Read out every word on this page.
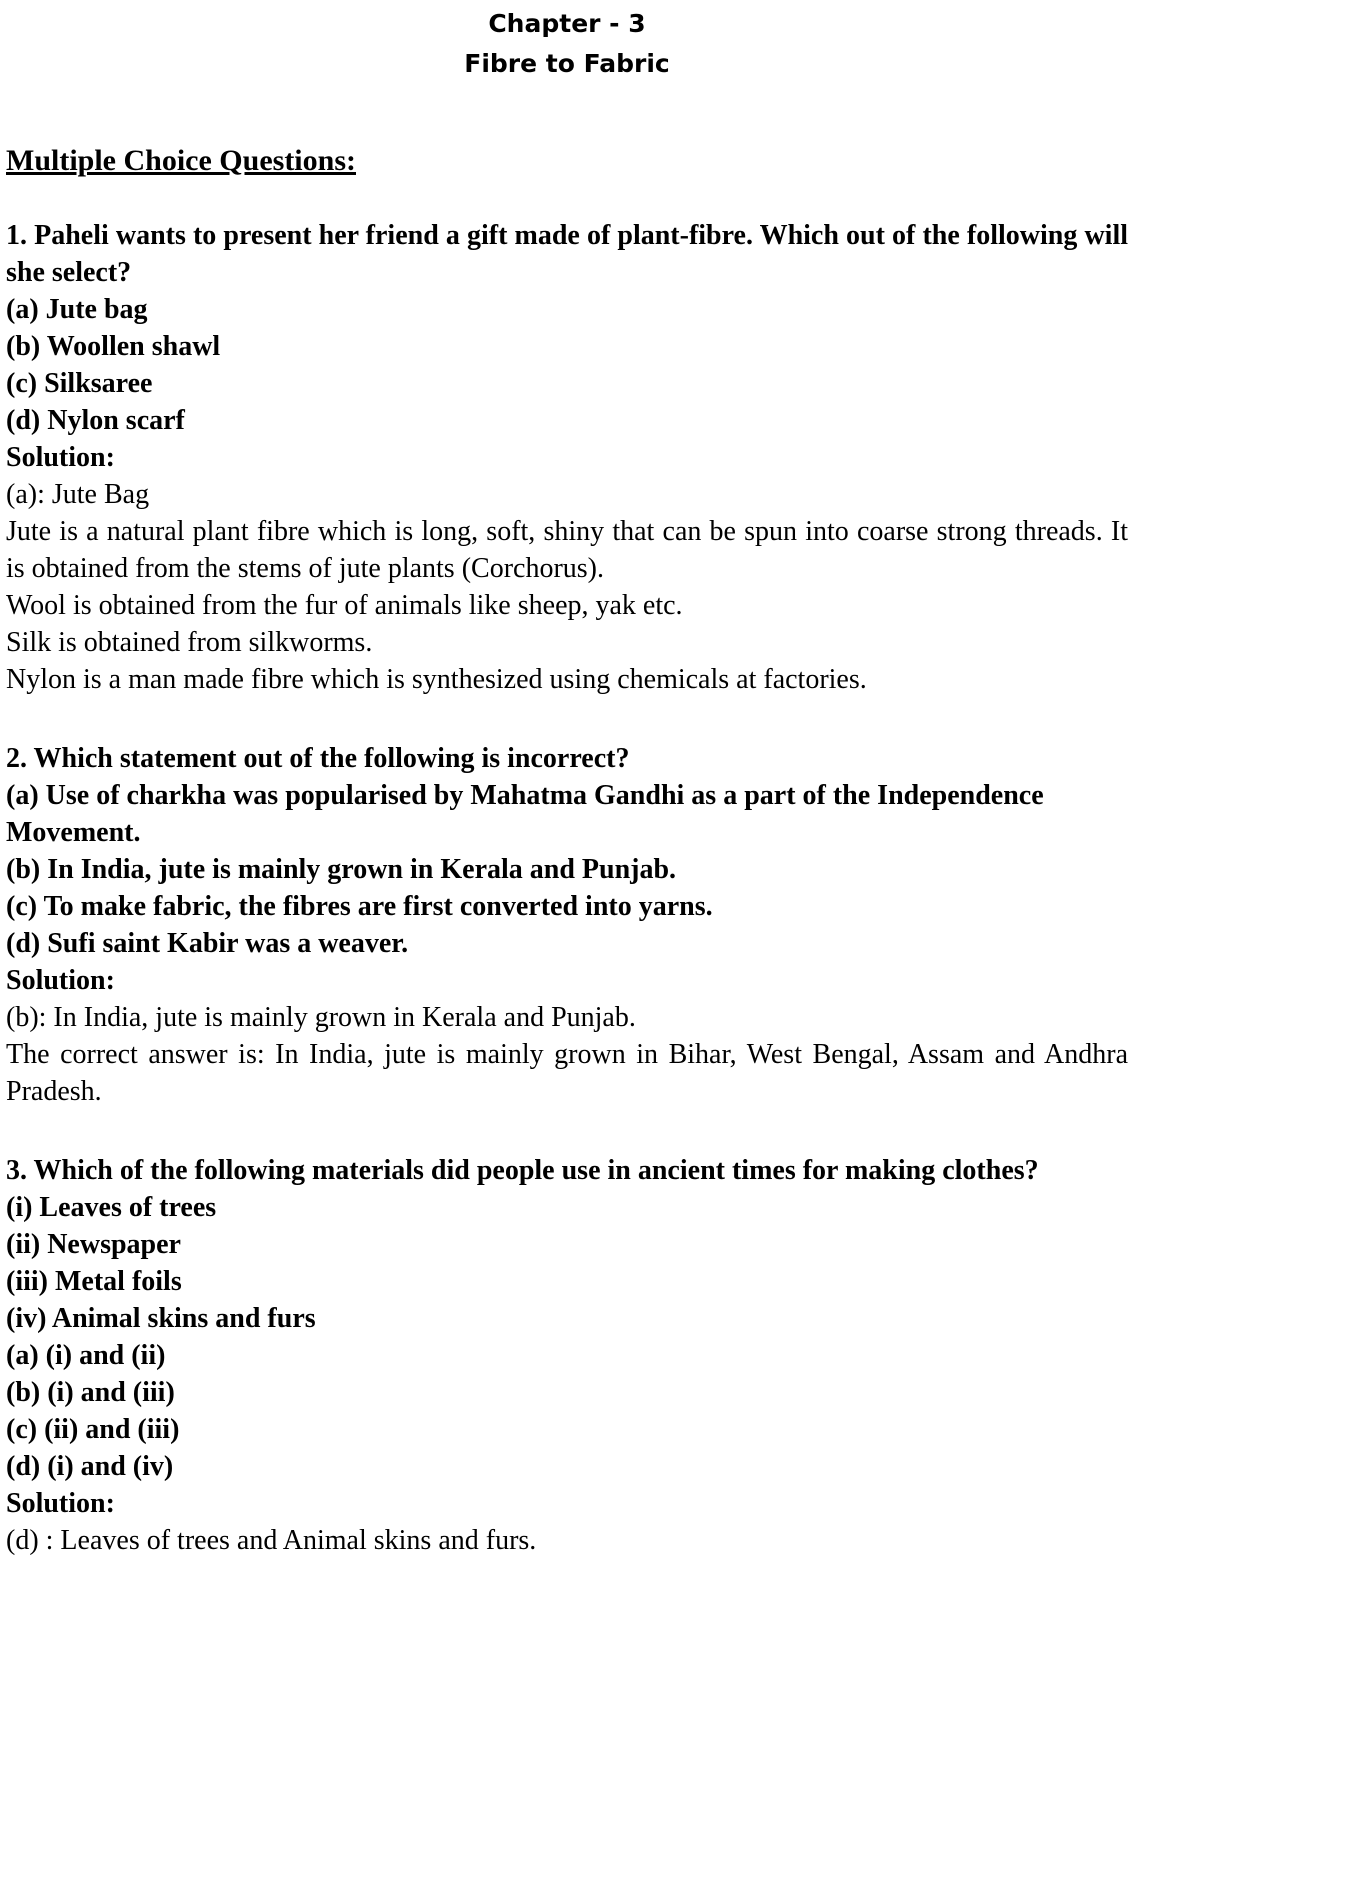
Chapter - 3
Fibre to Fabric
Multiple Choice Questions:
1. Paheli wants to present her friend a gift made of plant-fibre. Which out of the following will she select?
(a) Jute bag
(b) Woollen shawl
(c) Silksaree
(d) Nylon scarf
Solution:
(a): Jute Bag
Jute is a natural plant fibre which is long, soft, shiny that can be spun into coarse strong threads. It is obtained from the stems of jute plants (Corchorus).
Wool is obtained from the fur of animals like sheep, yak etc.
Silk is obtained from silkworms.
Nylon is a man made fibre which is synthesized using chemicals at factories.
2. Which statement out of the following is incorrect?
(a) Use of charkha was popularised by Mahatma Gandhi as a part of the Independence Movement.
(b) In India, jute is mainly grown in Kerala and Punjab.
(c) To make fabric, the fibres are first converted into yarns.
(d) Sufi saint Kabir was a weaver.
Solution:
(b): In India, jute is mainly grown in Kerala and Punjab.
The correct answer is: In India, jute is mainly grown in Bihar, West Bengal, Assam and Andhra Pradesh.
3. Which of the following materials did people use in ancient times for making clothes?
(i) Leaves of trees
(ii) Newspaper
(iii) Metal foils
(iv) Animal skins and furs
(a) (i) and (ii)
(b) (i) and (iii)
(c) (ii) and (iii)
(d) (i) and (iv)
Solution:
(d) : Leaves of trees and Animal skins and furs.
